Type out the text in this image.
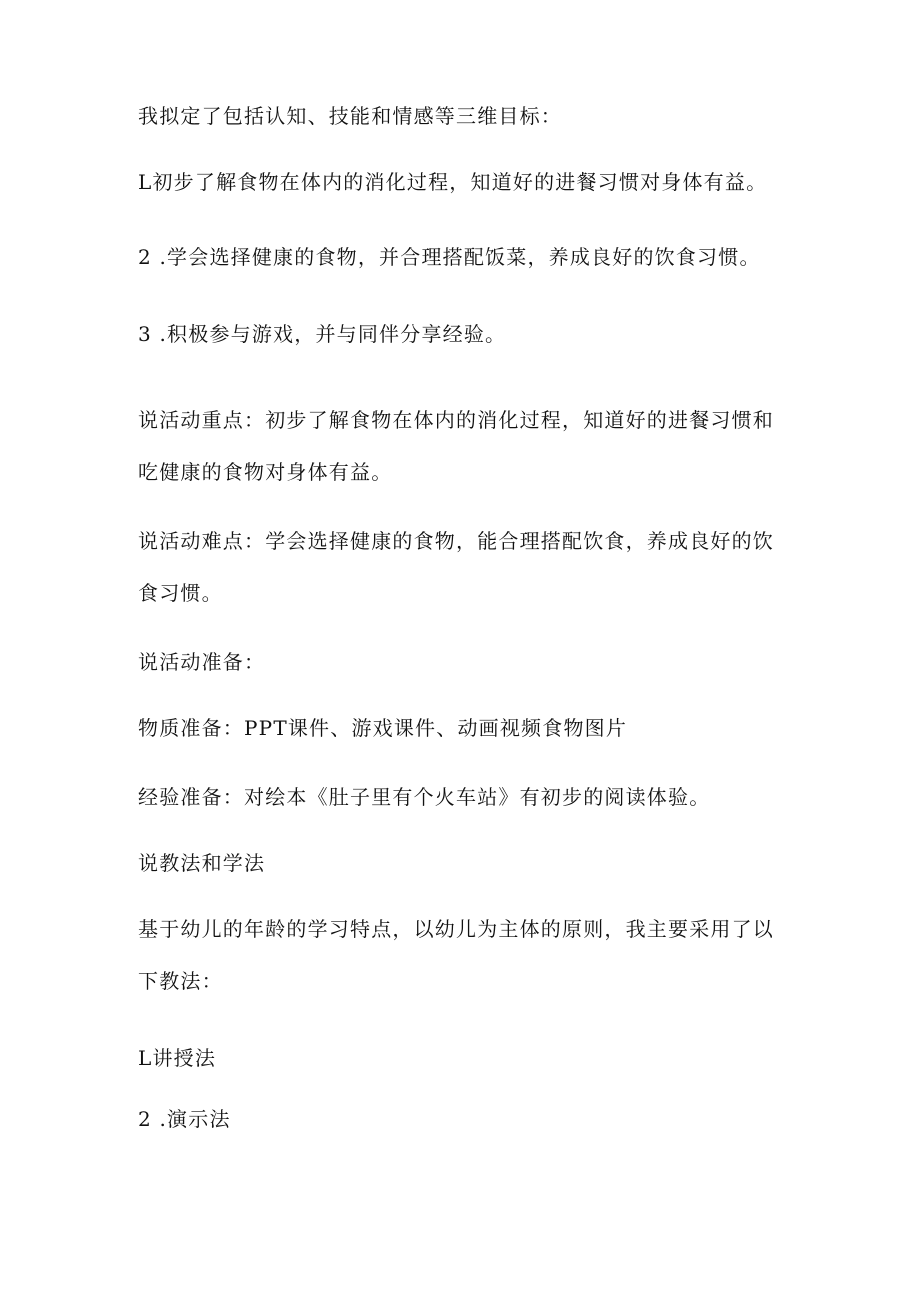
我拟定了包括认知、技能和情感等三维目标：
L初步了解食物在体内的消化过程，知道好的进餐习惯对身体有益。
2 .学会选择健康的食物，并合理搭配饭菜，养成良好的饮食习惯。
3 .积极参与游戏，并与同伴分享经验。
说活动重点：初步了解食物在体内的消化过程，知道好的进餐习惯和
吃健康的食物对身体有益。
说活动难点：学会选择健康的食物，能合理搭配饮食，养成良好的饮
食习惯。
说活动准备：
物质准备：PPT课件、游戏课件、动画视频食物图片
经验准备：对绘本《肚子里有个火车站》有初步的阅读体验。
说教法和学法
基于幼儿的年龄的学习特点，以幼儿为主体的原则，我主要采用了以
下教法：
L讲授法
2 .演示法
